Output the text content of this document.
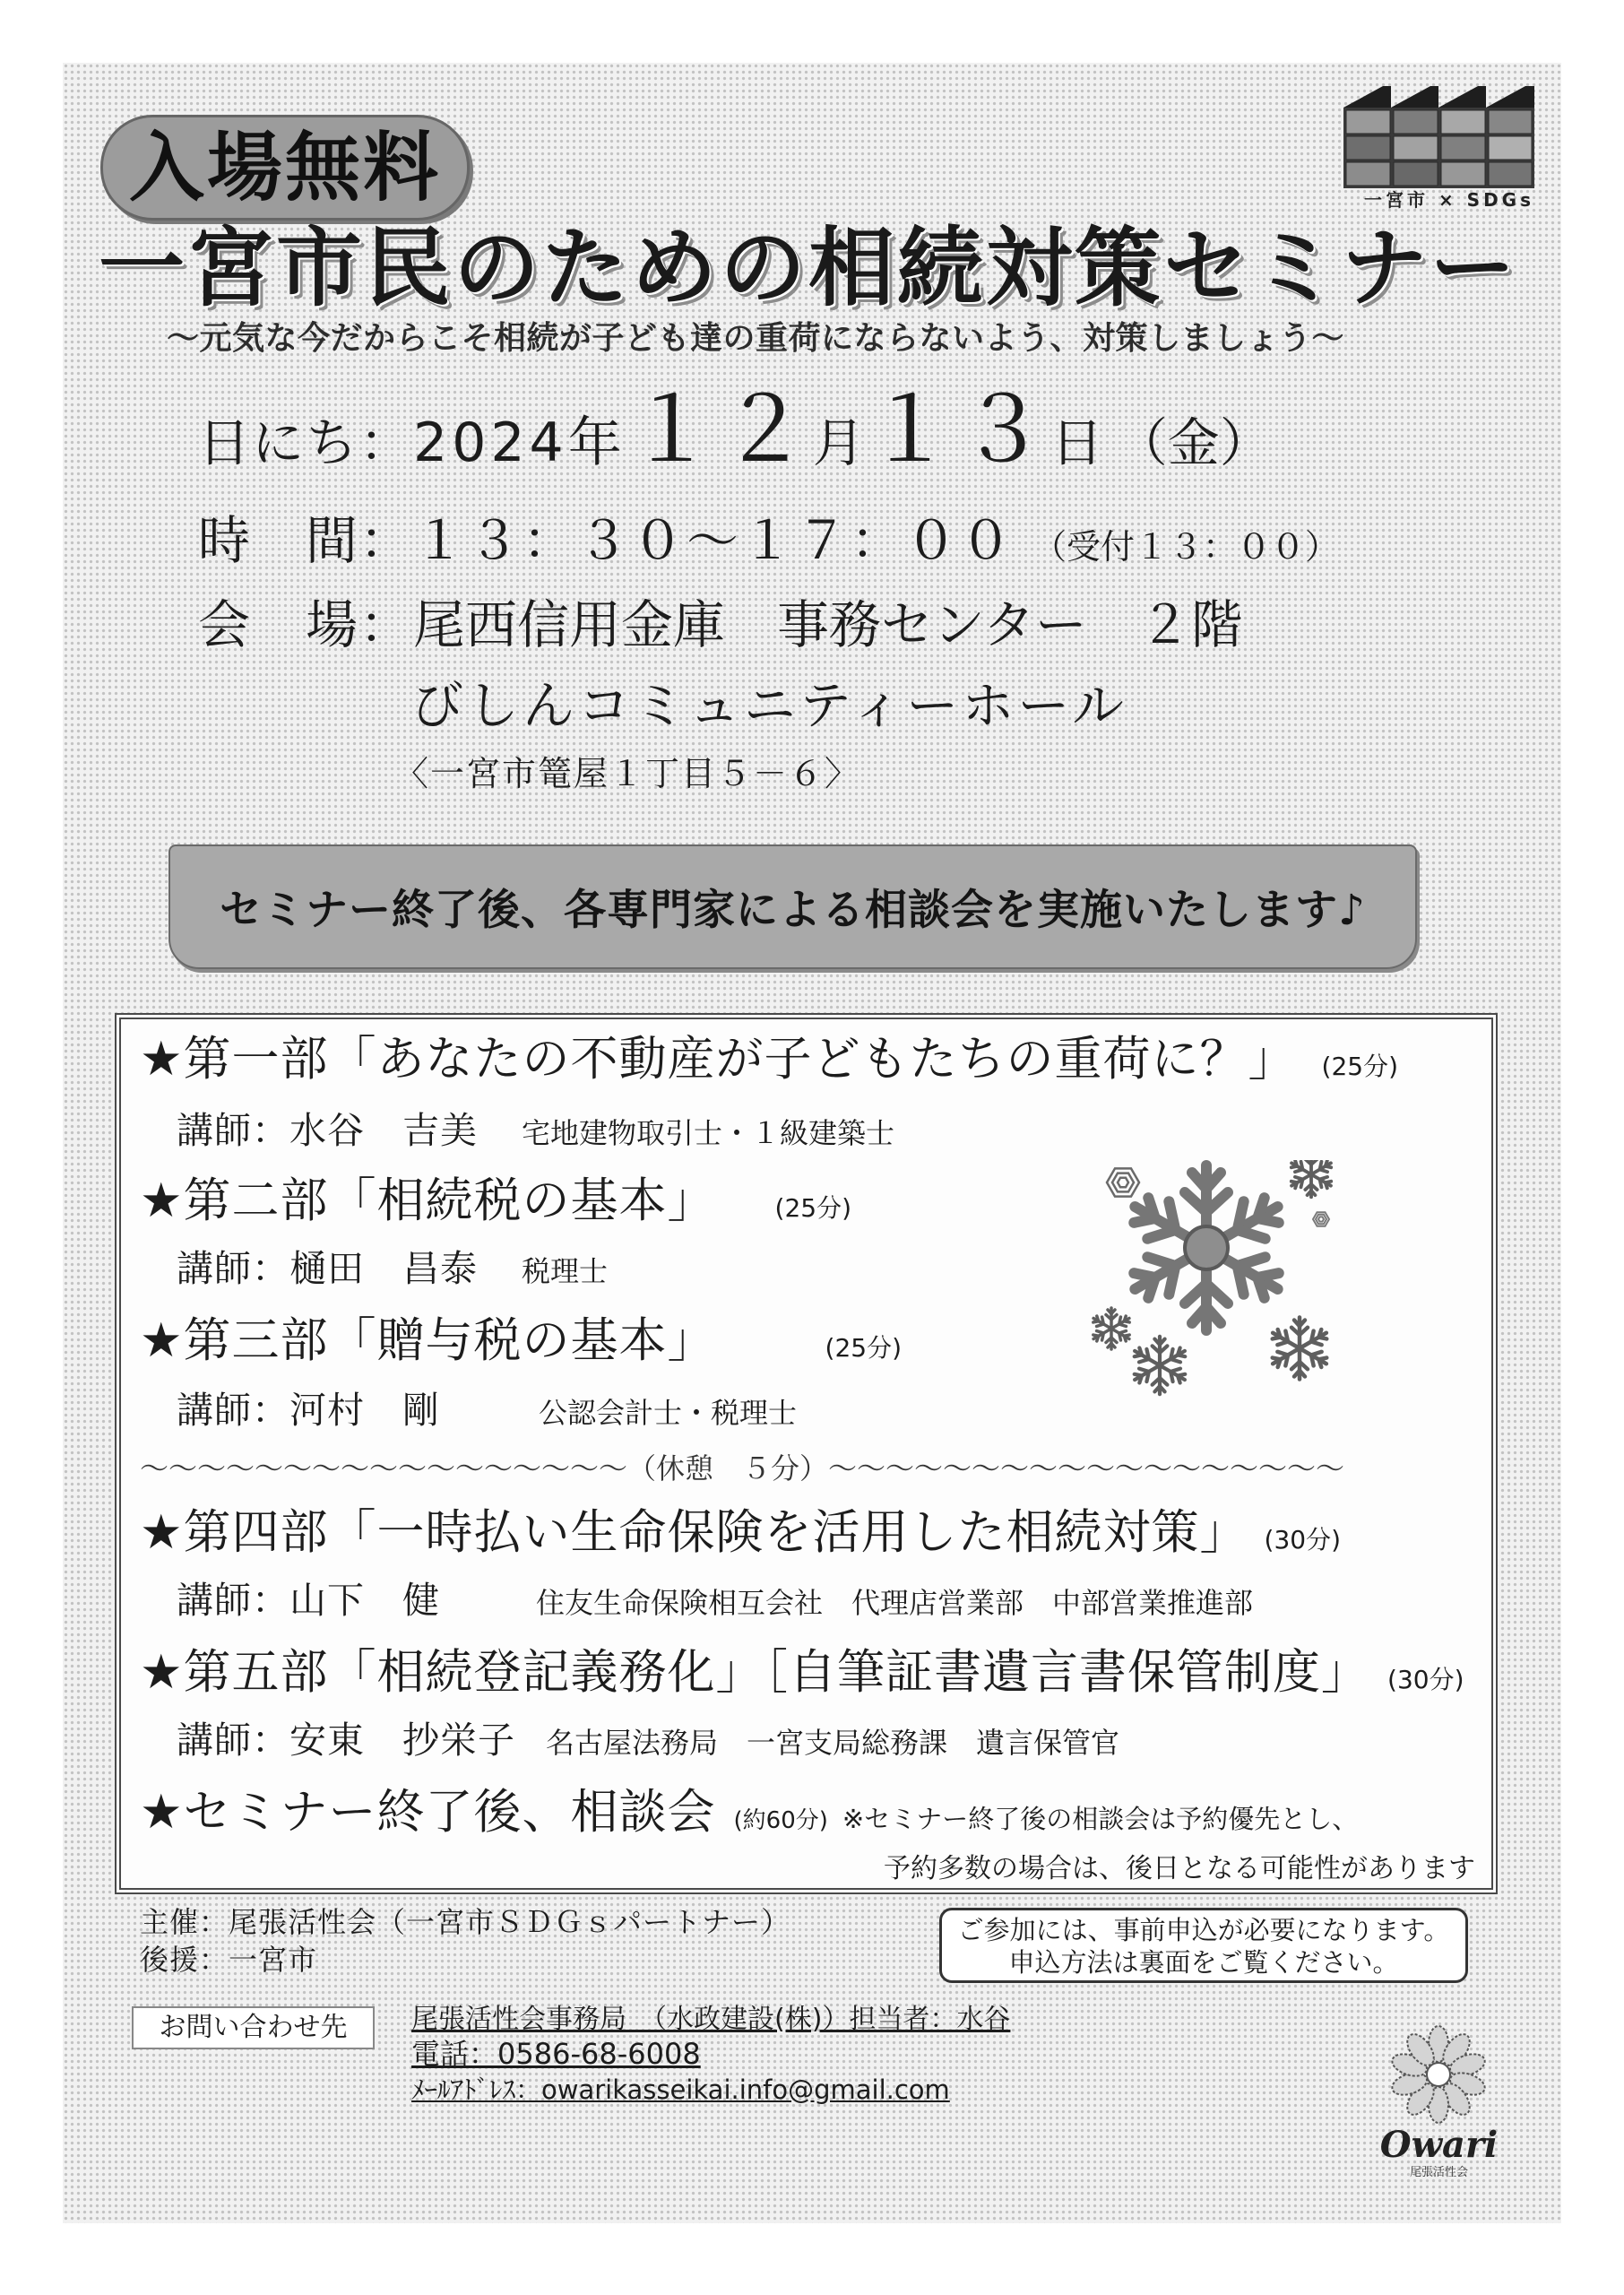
入場無料	一宮市 × SDGs
一宮市民のための相続対策セミナー
～元気な今だからこそ相続が子ども達の重荷にならないよう、対策しましょう～
日にち： 2024年 １２ 月 １３ 日 （金）
時　間： １３：３０～１７：００ （受付１３：００）
会　場： 尾西信用金庫　事務センター　２階
びしんコミュニティーホール
〈一宮市篭屋１丁目５－６〉
セミナー終了後、各専門家による相談会を実施いたします♪
★第一部「あなたの不動産が子どもたちの重荷に？」 (25分)
講師：水谷　吉美 宅地建物取引士・１級建築士
★第二部「相続税の基本」 (25分)
講師：樋田　昌泰 税理士
★第三部「贈与税の基本」	(25分)
講師：河村　剛	公認会計士・税理士
～～～～～～～～～～～～～～～～～（休憩　５分）～～～～～～～～～～～～～～～～～～
★第四部「一時払い生命保険を活用した相続対策」 (30分)
講師：山下　健	住友生命保険相互会社　代理店営業部　中部営業推進部
★第五部「相続登記義務化」［自筆証書遺言書保管制度」 (30分)
講師：安東　抄栄子 名古屋法務局　一宮支局総務課　遺言保管官
★セミナー終了後、相談会 (約60分) ※セミナー終了後の相談会は予約優先とし、
予約多数の場合は、後日となる可能性があります
主催：尾張活性会（一宮市ＳＤＧｓパートナー）
後援：一宮市
ご参加には、事前申込が必要になります。
申込方法は裏面をご覧ください。
お問い合わせ先	尾張活性会事務局　（水政建設(株)）担当者：水谷
電話：0586-68-6008
ﾒｰﾙｱﾄﾞﾚｽ：owarikasseikai.info@gmail.com
Owari
尾張活性会
